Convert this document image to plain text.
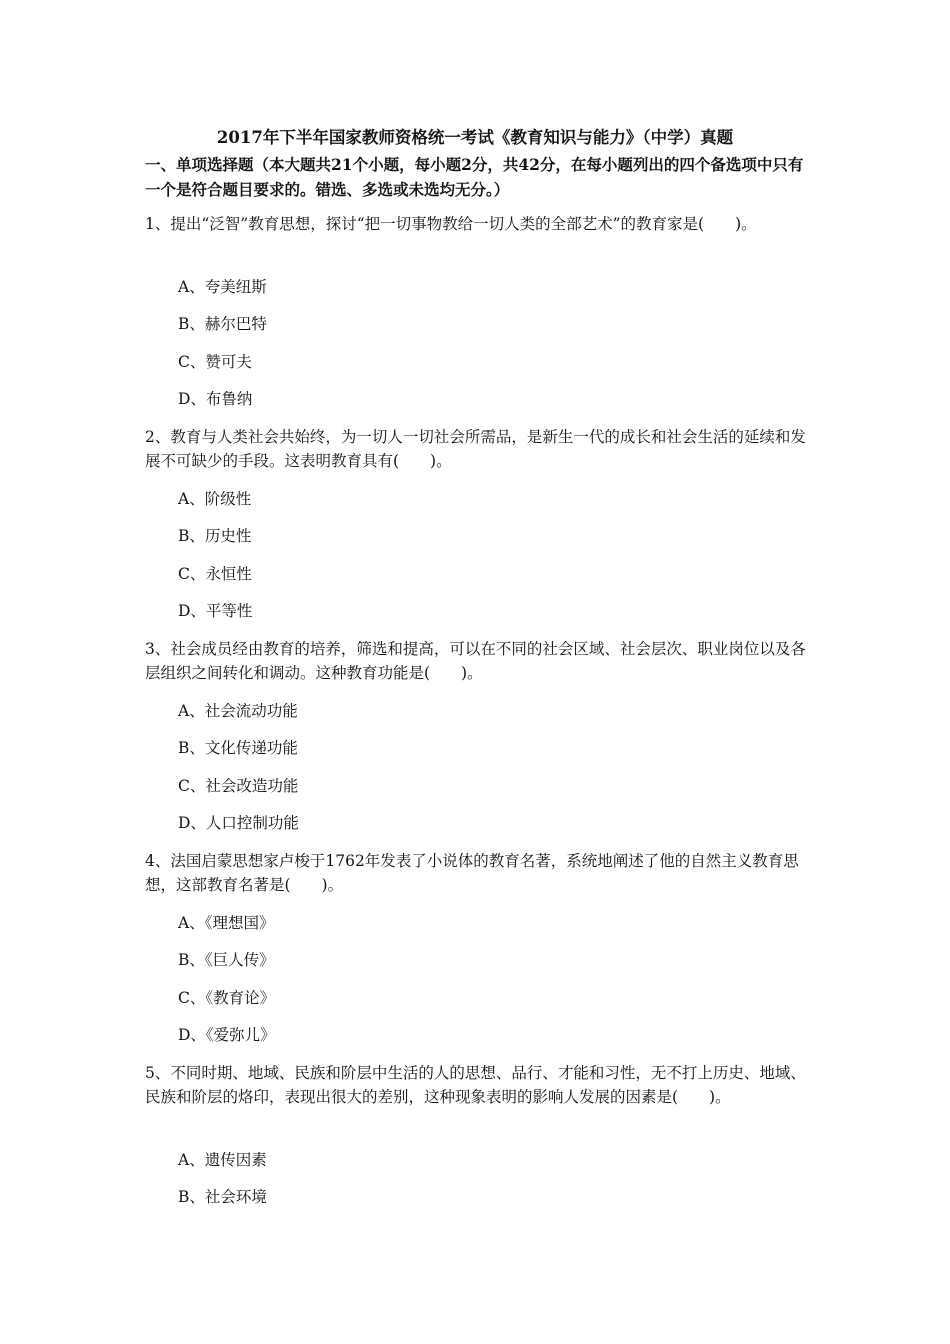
2017年下半年国家教师资格统一考试《教育知识与能力》（中学）真题
一、单项选择题（本大题共21个小题，每小题2分，共42分，在每小题列出的四个备选项中只有一个是符合题目要求的。错选、多选或未选均无分。）
1、提出“泛智”教育思想，探讨“把一切事物教给一切人类的全部艺术”的教育家是(　　)。
A、夸美纽斯
B、赫尔巴特
C、赞可夫
D、布鲁纳
2、教育与人类社会共始终，为一切人一切社会所需品，是新生一代的成长和社会生活的延续和发展不可缺少的手段。这表明教育具有(　　)。
A、阶级性
B、历史性
C、永恒性
D、平等性
3、社会成员经由教育的培养，筛选和提高，可以在不同的社会区域、社会层次、职业岗位以及各层组织之间转化和调动。这种教育功能是(　　)。
A、社会流动功能
B、文化传递功能
C、社会改造功能
D、人口控制功能
4、法国启蒙思想家卢梭于1762年发表了小说体的教育名著，系统地阐述了他的自然主义教育思想，这部教育名著是(　　)。
A、《理想国》
B、《巨人传》
C、《教育论》
D、《爱弥儿》
5、不同时期、地域、民族和阶层中生活的人的思想、品行、才能和习性，无不打上历史、地域、民族和阶层的烙印，表现出很大的差别，这种现象表明的影响人发展的因素是(　　)。
A、遗传因素
B、社会环境
